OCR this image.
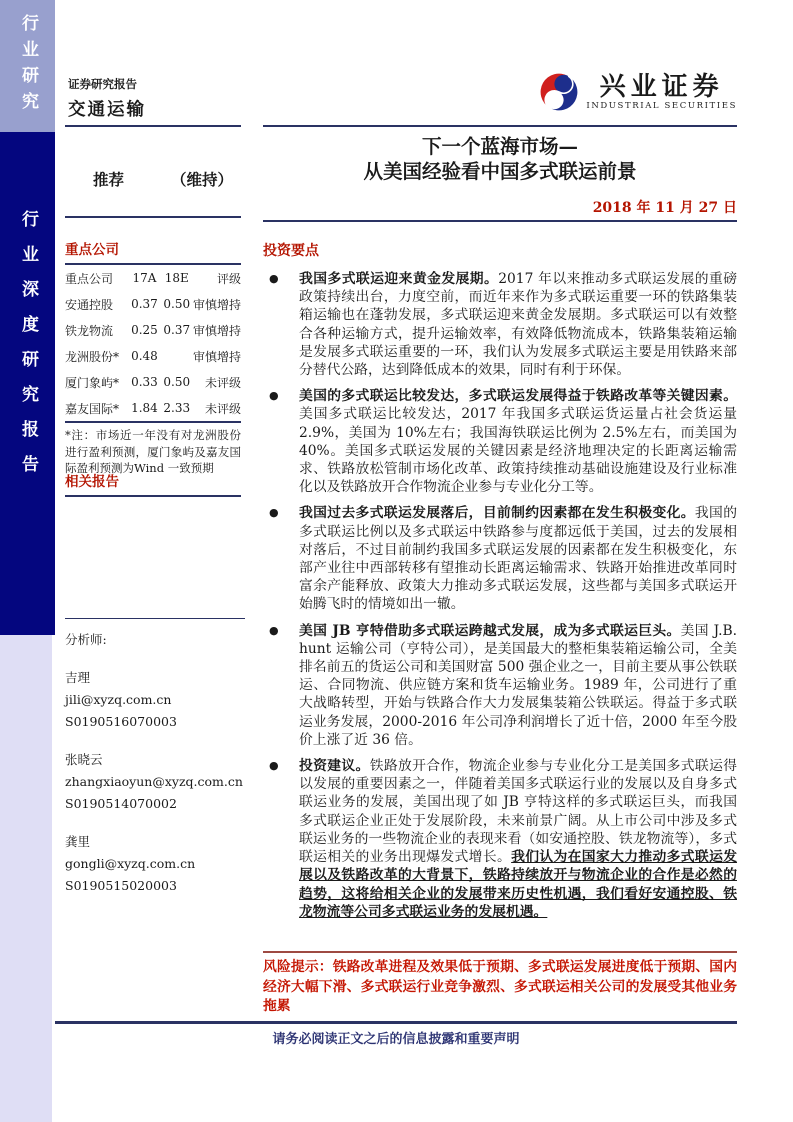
行业研究
行业深度研究报告
证券研究报告
交通运输
推荐	（维持）
重点公司
重点公司	17A	18E	评级
安通控股	0.37	0.50	审慎增持
铁龙物流	0.25	0.37	审慎增持
龙洲股份*	0.48		审慎增持
厦门象屿*	0.33	0.50	未评级
嘉友国际*	1.84	2.33	未评级
*注：市场近一年没有对龙洲股份进行盈利预测，厦门象屿及嘉友国际盈利预测为Wind 一致预期
相关报告
分析师:
吉理
jili@xyzq.com.cn
S0190516070003
张晓云
zhangxiaoyun@xyzq.com.cn
S0190514070002
龚里
gongli@xyzq.com.cn
S0190515020003
兴业证券
INDUSTRIAL SECURITIES
下一个蓝海市场—
从美国经验看中国多式联运前景
2018 年 11 月 27 日
投资要点
●	我国多式联运迎来黄金发展期。2017 年以来推动多式联运发展的重磅政策持续出台，力度空前，而近年来作为多式联运重要一环的铁路集装箱运输也在蓬勃发展，多式联运迎来黄金发展期。多式联运可以有效整合各种运输方式，提升运输效率，有效降低物流成本，铁路集装箱运输是发展多式联运重要的一环，我们认为发展多式联运主要是用铁路来部分替代公路，达到降低成本的效果，同时有利于环保。
●	美国的多式联运比较发达，多式联运发展得益于铁路改革等关键因素。美国多式联运比较发达，2017 年我国多式联运货运量占社会货运量 2.9%，美国为 10%左右；我国海铁联运比例为 2.5%左右，而美国为 40%。美国多式联运发展的关键因素是经济地理决定的长距离运输需求、铁路放松管制市场化改革、政策持续推动基础设施建设及行业标准化以及铁路放开合作物流企业参与专业化分工等。
●	我国过去多式联运发展落后，目前制约因素都在发生积极变化。我国的多式联运比例以及多式联运中铁路参与度都远低于美国，过去的发展相对落后，不过目前制约我国多式联运发展的因素都在发生积极变化，东部产业往中西部转移有望推动长距离运输需求、铁路开始推进改革同时富余产能释放、政策大力推动多式联运发展，这些都与美国多式联运开始腾飞时的情境如出一辙。
●	美国 JB 亨特借助多式联运跨越式发展，成为多式联运巨头。美国 J.B. hunt 运输公司（亨特公司），是美国最大的整柜集装箱运输公司，全美排名前五的货运公司和美国财富 500 强企业之一，目前主要从事公铁联运、合同物流、供应链方案和货车运输业务。1989 年，公司进行了重大战略转型，开始与铁路合作大力发展集装箱公铁联运。得益于多式联运业务发展，2000-2016 年公司净利润增长了近十倍，2000 年至今股价上涨了近 36 倍。
●	投资建议。铁路放开合作，物流企业参与专业化分工是美国多式联运得以发展的重要因素之一，伴随着美国多式联运行业的发展以及自身多式联运业务的发展，美国出现了如 JB 亨特这样的多式联运巨头，而我国多式联运企业正处于发展阶段，未来前景广阔。从上市公司中涉及多式联运业务的一些物流企业的表现来看（如安通控股、铁龙物流等），多式联运相关的业务出现爆发式增长。我们认为在国家大力推动多式联运发展以及铁路改革的大背景下，铁路持续放开与物流企业的合作是必然的趋势，这将给相关企业的发展带来历史性机遇，我们看好安通控股、铁龙物流等公司多式联运业务的发展机遇。
风险提示：铁路改革进程及效果低于预期、多式联运发展进度低于预期、国内经济大幅下滑、多式联运行业竞争激烈、多式联运相关公司的发展受其他业务拖累
请务必阅读正文之后的信息披露和重要声明
